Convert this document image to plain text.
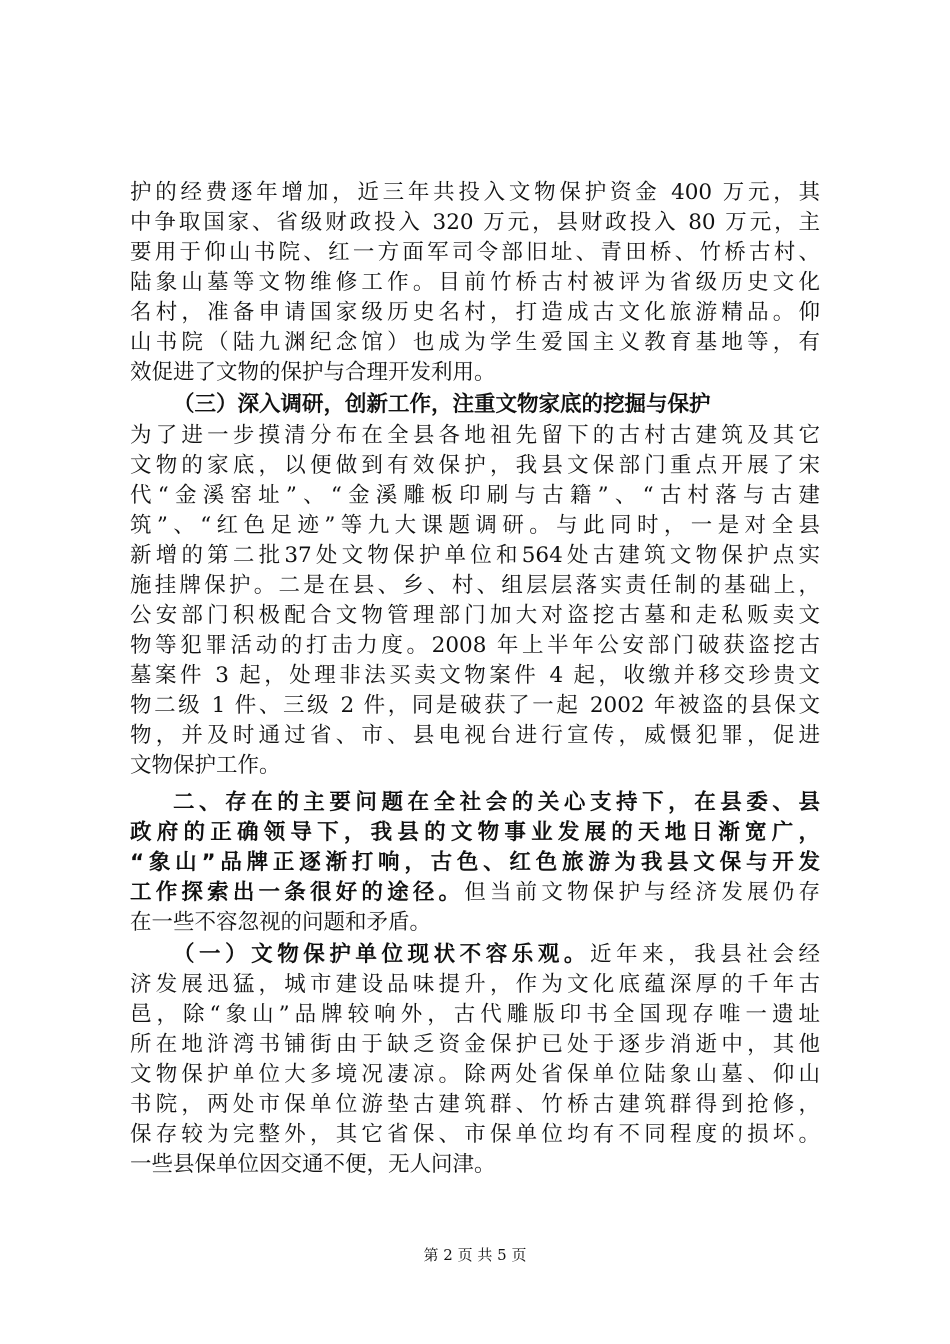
护的经费逐年增加，近三年共投入文物保护资金 400 万元，其
中争取国家、省级财政投入 320 万元，县财政投入 80 万元，主
要用于仰山书院、红一方面军司令部旧址、青田桥、竹桥古村、
陆象山墓等文物维修工作。目前竹桥古村被评为省级历史文化
名村，准备申请国家级历史名村，打造成古文化旅游精品。仰
山书院（陆九渊纪念馆）也成为学生爱国主义教育基地等，有
效促进了文物的保护与合理开发利用。
（三）深入调研，创新工作，注重文物家底的挖掘与保护
为了进一步摸清分布在全县各地祖先留下的古村古建筑及其它
文物的家底，以便做到有效保护，我县文保部门重点开展了宋
代“金溪窑址”、“金溪雕板印刷与古籍”、“古村落与古建
筑”、“红色足迹”等九大课题调研。与此同时，一是对全县
新增的第二批37处文物保护单位和564处古建筑文物保护点实
施挂牌保护。二是在县、乡、村、组层层落实责任制的基础上，
公安部门积极配合文物管理部门加大对盗挖古墓和走私贩卖文
物等犯罪活动的打击力度。2008 年上半年公安部门破获盗挖古
墓案件 3 起，处理非法买卖文物案件 4 起，收缴并移交珍贵文
物二级 1 件、三级 2 件，同是破获了一起 2002 年被盗的县保文
物，并及时通过省、市、县电视台进行宣传，威慑犯罪，促进
文物保护工作。
二、存在的主要问题在全社会的关心支持下，在县委、县
政府的正确领导下，我县的文物事业发展的天地日渐宽广，
“象山”品牌正逐渐打响，古色、红色旅游为我县文保与开发
工作探索出一条很好的途径。但当前文物保护与经济发展仍存
在一些不容忽视的问题和矛盾。
（一）文物保护单位现状不容乐观。近年来，我县社会经
济发展迅猛，城市建设品味提升，作为文化底蕴深厚的千年古
邑，除“象山”品牌较响外，古代雕版印书全国现存唯一遗址
所在地浒湾书铺街由于缺乏资金保护已处于逐步消逝中，其他
文物保护单位大多境况凄凉。除两处省保单位陆象山墓、仰山
书院，两处市保单位游垫古建筑群、竹桥古建筑群得到抢修，
保存较为完整外，其它省保、市保单位均有不同程度的损坏。
一些县保单位因交通不便，无人问津。
第 2 页 共 5 页
